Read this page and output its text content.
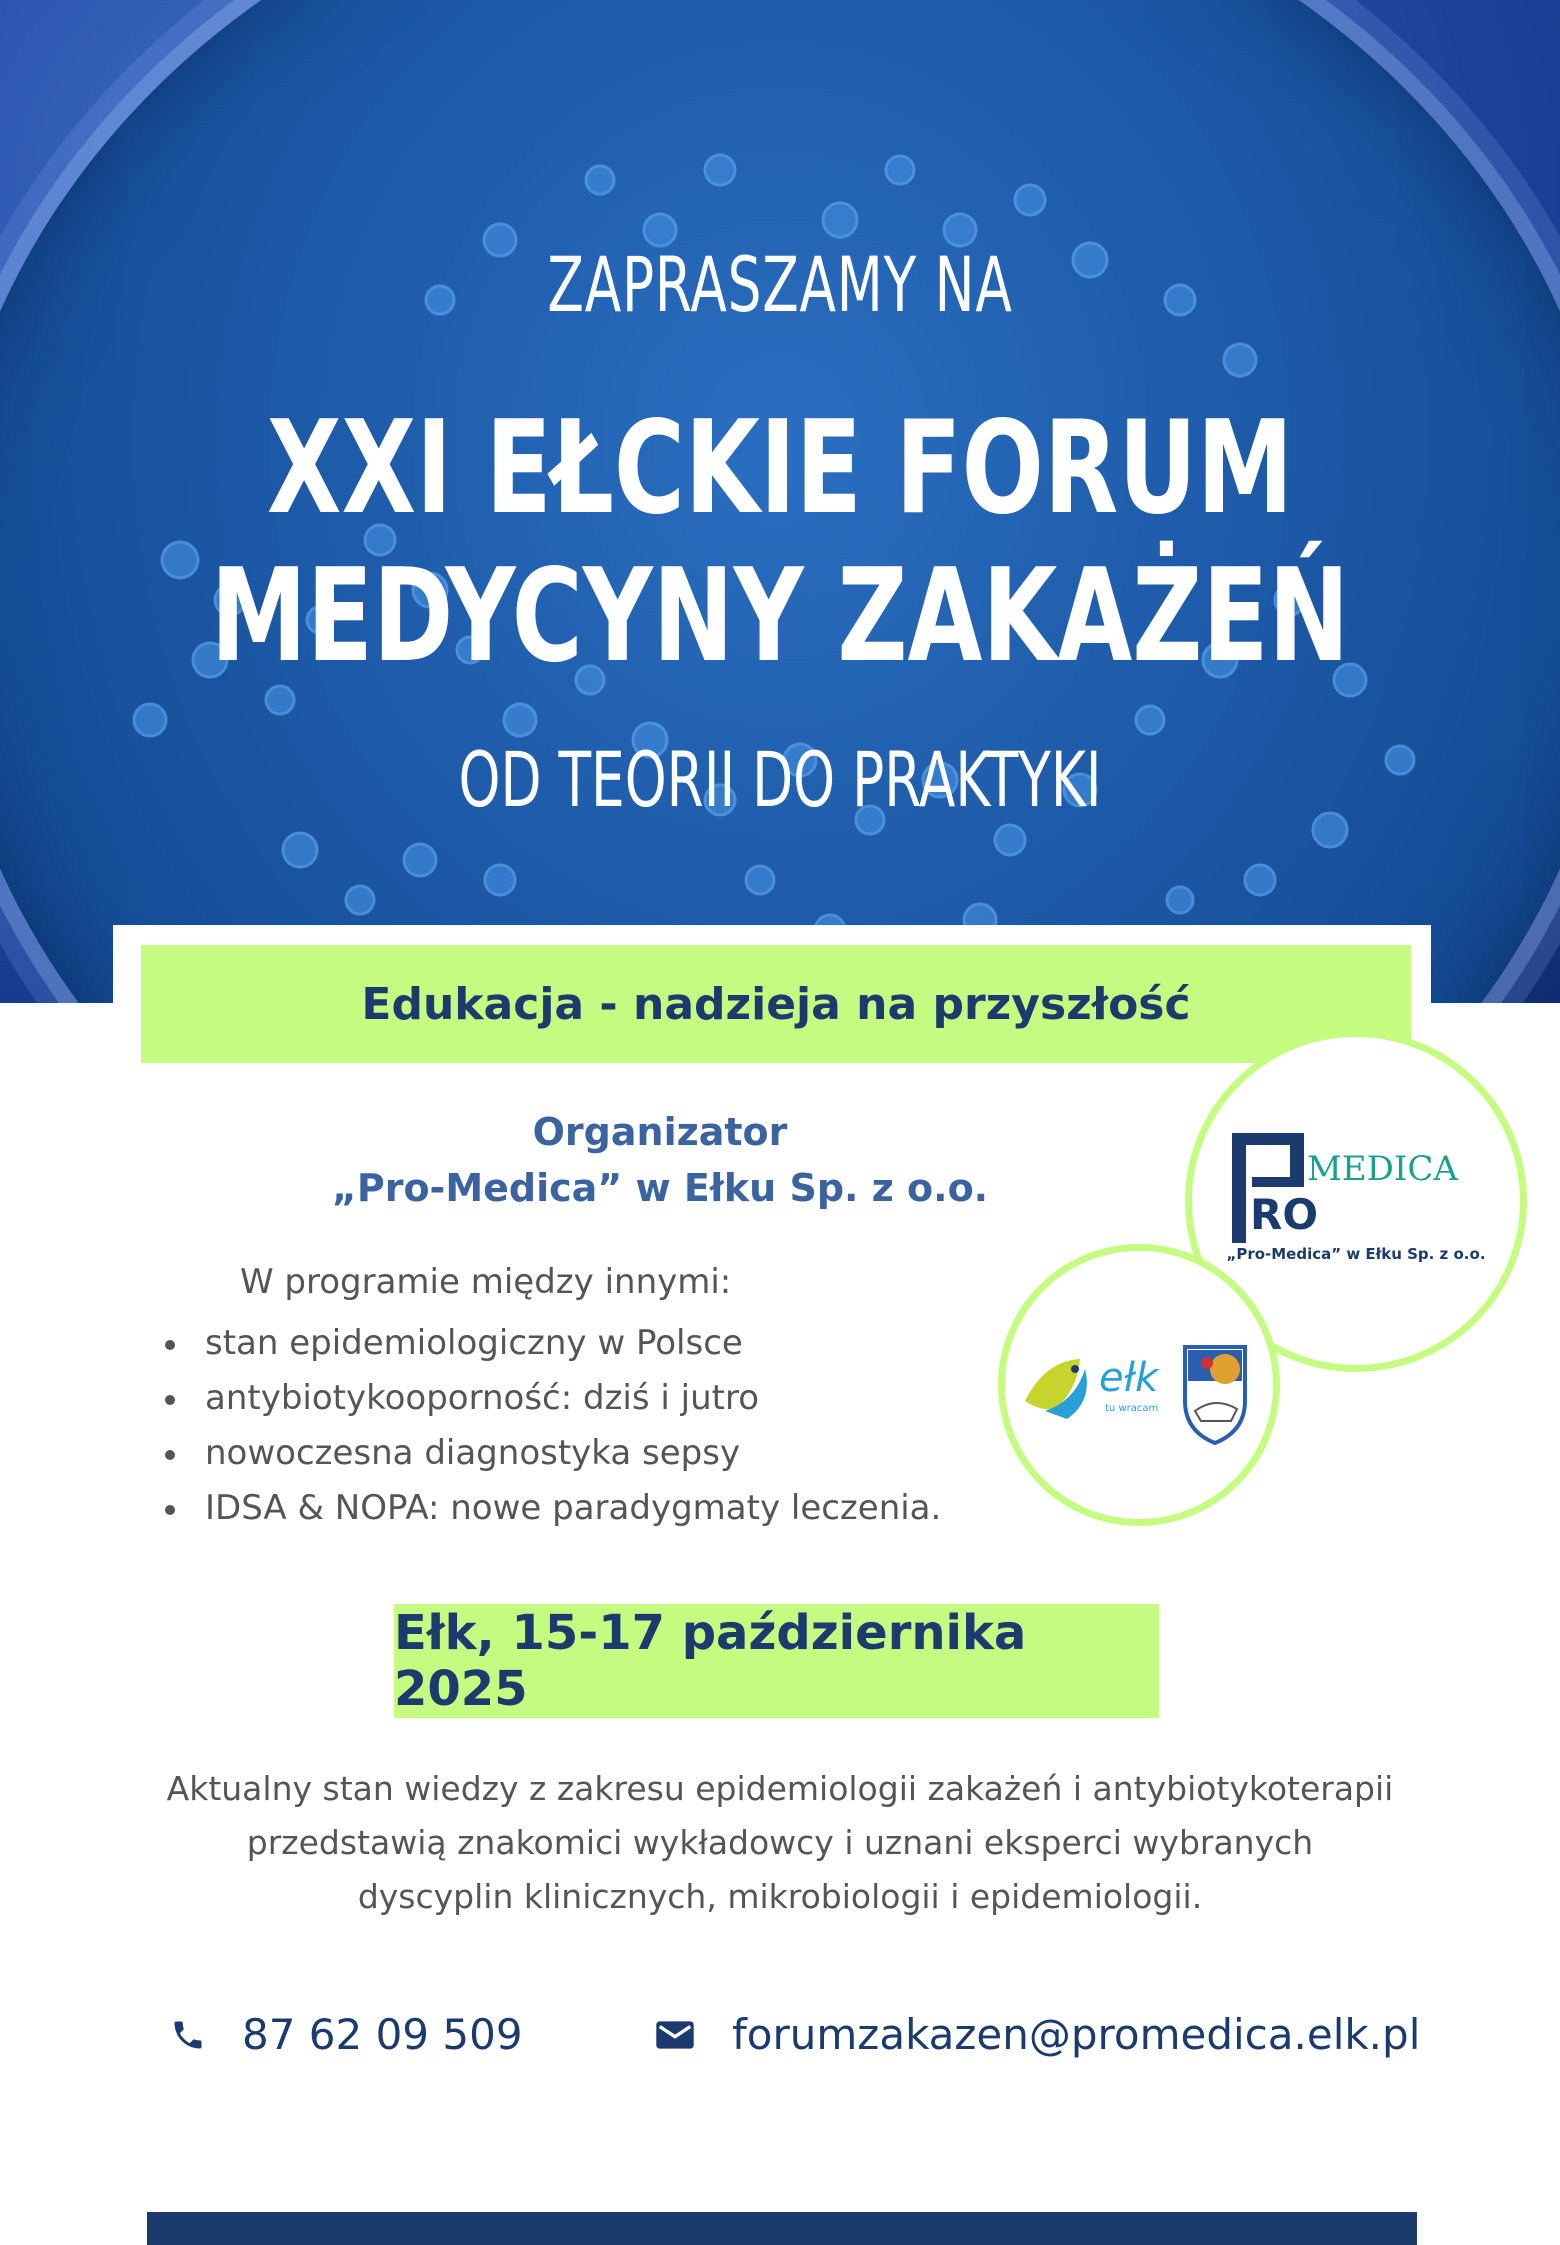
ZAPRASZAMY NA
XXI EŁCKIE FORUM
MEDYCYNY ZAKAŻEŃ
OD TEORII DO PRAKTYKI
Edukacja - nadzieja na przyszłość
Organizator
„Pro-Medica” w Ełku Sp. z o.o.
W programie między innymi:
stan epidemiologiczny w Polsce
antybiotykooporność: dziś i jutro
nowoczesna diagnostyka sepsy
IDSA & NOPA: nowe paradygmaty leczenia.
MEDICA
RO
„Pro-Medica” w Ełku Sp. z o.o.
ełk
tu wracam
Ełk, 15-17 października 2025
Aktualny stan wiedzy z zakresu epidemiologii zakażeń i antybiotykoterapii
przedstawią znakomici wykładowcy i uznani eksperci wybranych
dyscyplin klinicznych, mikrobiologii i epidemiologii.
87 62 09 509	forumzakazen@promedica.elk.pl
